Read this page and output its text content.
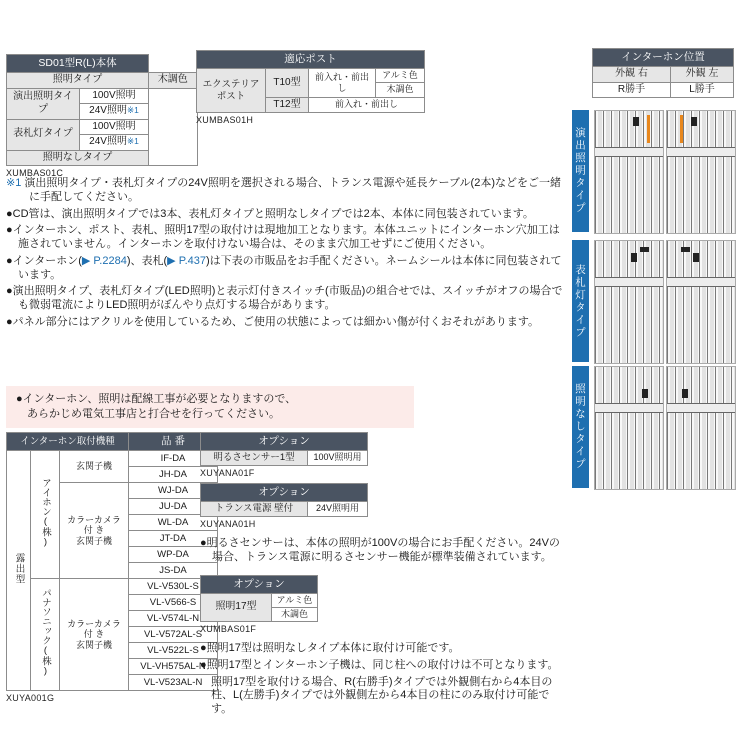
SD01型R(L)本体		
照明タイプ		木調色
演出照明タイプ	100V照明	
	24V照明※1	
表札灯タイプ	100V照明	
	24V照明※1	
照明なしタイプ		
XUMBAS01C
適応ポスト			
エクステリアポスト	T10型	前入れ・前出し	アルミ色
			木調色
	T12型	前入れ・前出し	
XUMBAS01H
インターホン位置	
外観 右	外観 左
R勝手	L勝手
演出照明タイプ
表札灯タイプ
照明なしタイプ
※1 演出照明タイプ・表札灯タイプの24V照明を選択される場合、トランス電源や延長ケーブル(2本)などをご一緒に手配してください。
●CD管は、演出照明タイプでは3本、表札灯タイプと照明なしタイプでは2本、本体に同包装されています。
●インターホン、ポスト、表札、照明17型の取付けは現地加工となります。本体ユニットにインターホン穴加工は施されていません。インターホンを取付けない場合は、そのまま穴加工せずにご使用ください。
●インターホン(▶ P.2284)、表札(▶ P.437)は下表の市販品をお手配ください。ネームシールは本体に同包装されています。
●演出照明タイプ、表札灯タイプ(LED照明)と表示灯付きスイッチ(市販品)の組合せでは、スイッチがオフの場合でも微弱電流によりLED照明がぼんやり点灯する場合があります。
●パネル部分にはアクリルを使用しているため、ご使用の状態によっては細かい傷が付くおそれがあります。
●インターホン、照明は配線工事が必要となりますので、
あらかじめ電気工事店と打合せを行ってください。
インターホン取付機種			品 番
露出型	アイホン(株)	玄関子機	IF-DA
			JH-DA

		カラーカメラ
付 き
玄関子機	WJ-DA
			JU-DA
			WL-DA
			JT-DA
			WP-DA
			JS-DA
	パナソニック(株)	カラーカメラ
付 き
玄関子機	VL-V530L-S
			VL-V566-S
			VL-V574L-N
			VL-V572AL-S
			VL-V522L-S
			VL-VH575AL-N
			VL-V523AL-N
XUYA001G
オプション
明るさセンサー1型	100V照明用
XUYANA01F
オプション
トランス電源 壁付	24V照明用
XUYANA01H
●明るさセンサーは、本体の照明が100Vの場合にお手配ください。24Vの場合、トランス電源に明るさセンサー機能が標準装備されています。
オプション
照明17型	アルミ色
木調色
XUMBAS01F
●照明17型は照明なしタイプ本体に取付け可能です。
●照明17型とインターホン子機は、同じ柱への取付けは不可となります。
照明17型を取付ける場合、R(右勝手)タイプでは外観側右から4本目の柱、L(左勝手)タイプでは外観側左から4本目の柱にのみ取付け可能です。
